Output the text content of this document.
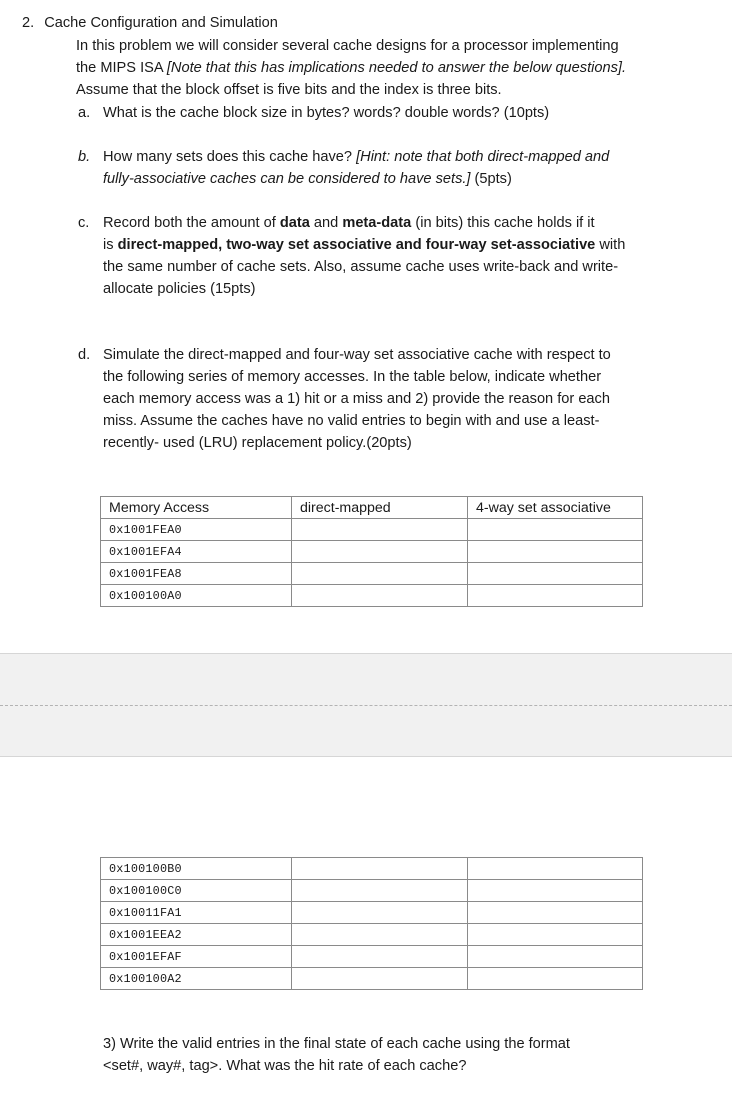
2. Cache Configuration and Simulation
In this problem we will consider several cache designs for a processor implementing
the MIPS ISA [Note that this has implications needed to answer the below questions].
Assume that the block offset is five bits and the index is three bits.
a. What is the cache block size in bytes? words? double words? (10pts)
b. How many sets does this cache have? [Hint: note that both direct-mapped and
fully-associative caches can be considered to have sets.] (5pts)
c. Record both the amount of data and meta-data (in bits) this cache holds if it
is direct-mapped, two-way set associative and four-way set-associative with
the same number of cache sets. Also, assume cache uses write-back and write-
allocate policies (15pts)
d. Simulate the direct-mapped and four-way set associative cache with respect to
the following series of memory accesses. In the table below, indicate whether
each memory access was a 1) hit or a miss and 2) provide the reason for each
miss. Assume the caches have no valid entries to begin with and use a least-
recently- used (LRU) replacement policy.(20pts)
Memory Access	direct-mapped	4-way set associative
0x1001FEA0		
0x1001EFA4		
0x1001FEA8		
0x100100A0		
0x100100B0		
0x100100C0		
0x10011FA1		
0x1001EEA2		
0x1001EFAF		
0x100100A2		
3) Write the valid entries in the final state of each cache using the format
<set#, way#, tag>. What was the hit rate of each cache?
